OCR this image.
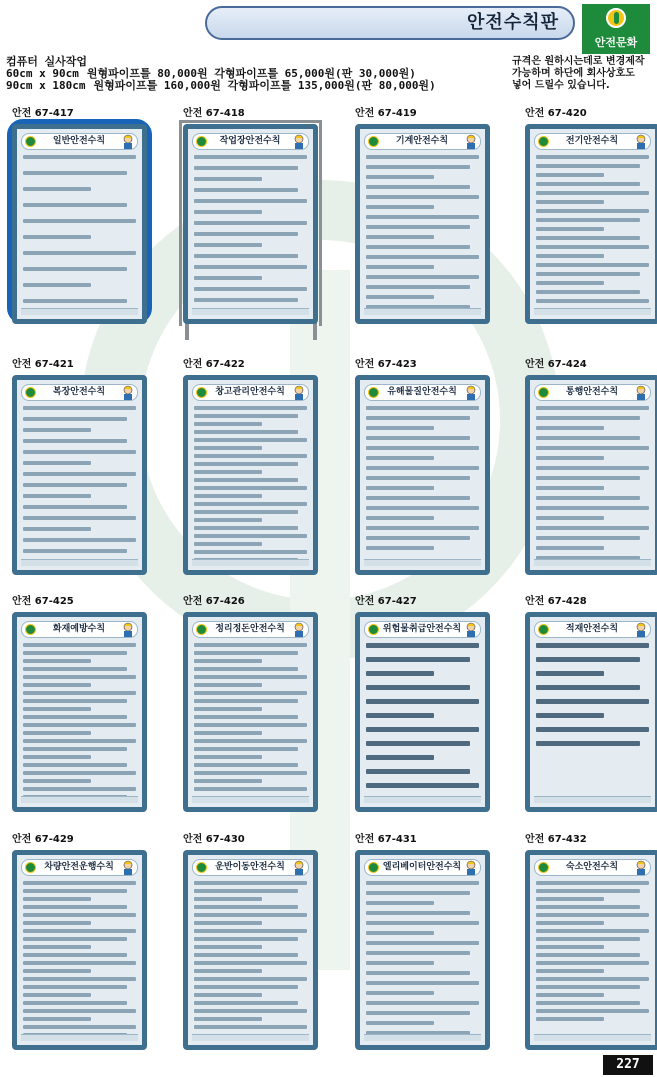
안전수칙판
안전문화
컴퓨터 실사작업
60cm x 90cm 원형파이프틀 80,000원 각형파이프틀 65,000원(판 30,000원)
90cm x 180cm 원형파이프틀 160,000원 각형파이프틀 135,000원(판 80,000원)
규격은 원하시는데로 변경제작
가능하며 하단에 회사상호도
넣어 드릴수 있습니다.
안전 67-417
일반안전수칙
안전 67-418
작업장안전수칙
안전 67-419
기계안전수칙
안전 67-420
전기안전수칙
안전 67-421
복장안전수칙
안전 67-422
창고관리안전수칙
안전 67-423
유해물질안전수칙
안전 67-424
통행안전수칙
안전 67-425
화재예방수칙
안전 67-426
정리정돈안전수칙
안전 67-427
위험물취급안전수칙
안전 67-428
적재안전수칙
안전 67-429
차량안전운행수칙
안전 67-430
운반이동안전수칙
안전 67-431
엘리베이터안전수칙
안전 67-432
숙소안전수칙
227
